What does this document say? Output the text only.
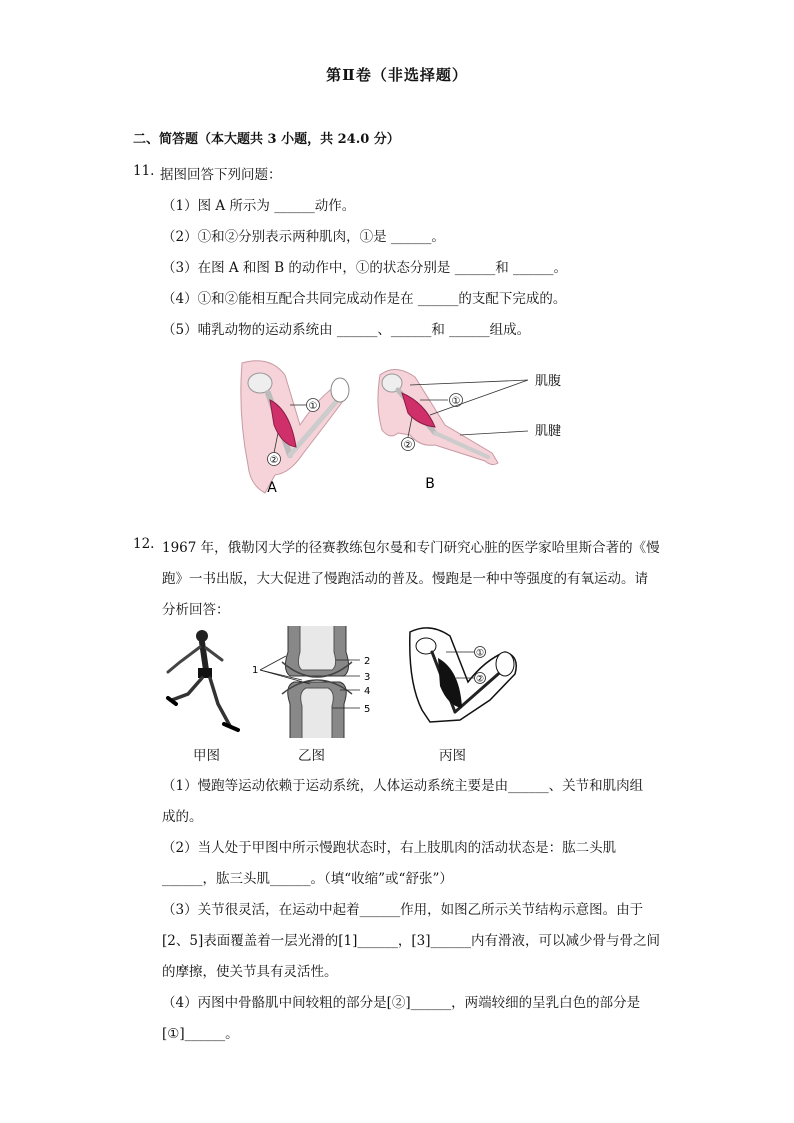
第Ⅱ卷（非选择题）
二、简答题（本大题共 3 小题，共 24.0 分）
11. 据图回答下列问题：
（1）图 A 所示为 ______动作。
（2）①和②分别表示两种肌肉，①是 ______。
（3）在图 A 和图 B 的动作中，①的状态分别是 ______和 ______。
（4）①和②能相互配合共同完成动作是在 ______的支配下完成的。
（5）哺乳动物的运动系统由 ______、______和 ______组成。
①
②
A
①
②
肌腹
肌腱
B
12. 1967 年，俄勒冈大学的径赛教练包尔曼和专门研究心脏的医学家哈里斯合著的《慢
跑》一书出版，大大促进了慢跑活动的普及。慢跑是一种中等强度的有氧运动。请
分析回答：
1
2
3
4
5
①
②
甲图	乙图	丙图
（1）慢跑等运动依赖于运动系统，人体运动系统主要是由______、关节和肌肉组
成的。
（2）当人处于甲图中所示慢跑状态时，右上肢肌肉的活动状态是：肱二头肌
______，肱三头肌______。（填“收缩”或“舒张”）
（3）关节很灵活，在运动中起着______作用，如图乙所示关节结构示意图。由于
[2、5]表面覆盖着一层光滑的[1]______，[3]______内有滑液，可以减少骨与骨之间
的摩擦，使关节具有灵活性。
（4）丙图中骨骼肌中间较粗的部分是[②]______，两端较细的呈乳白色的部分是
[①]______。
